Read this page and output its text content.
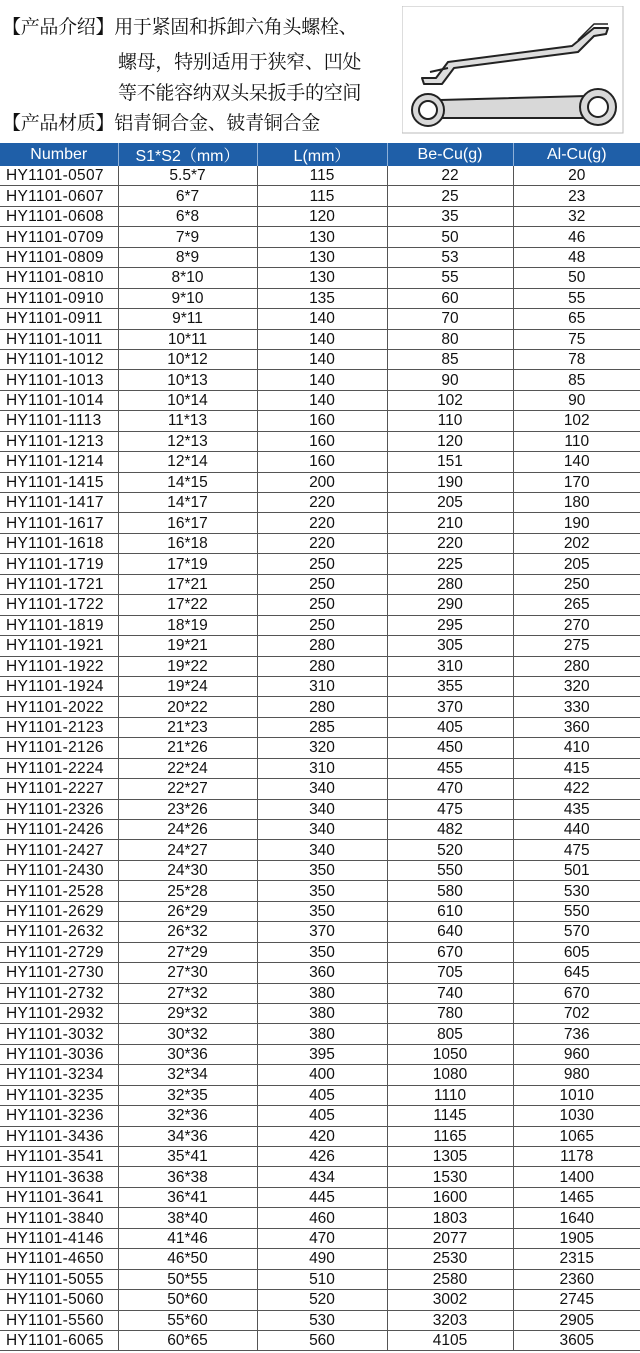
【产品介绍】用于紧固和拆卸六角头螺栓、
螺母，特别适用于狭窄、凹处
等不能容纳双头呆扳手的空间
【产品材质】铝青铜合金、铍青铜合金
Number	S1*S2（mm）	L(mm）	Be-Cu(g)	Al-Cu(g)
HY1101-0507	5.5*7	115	22	20
HY1101-0607	6*7	115	25	23
HY1101-0608	6*8	120	35	32
HY1101-0709	7*9	130	50	46
HY1101-0809	8*9	130	53	48
HY1101-0810	8*10	130	55	50
HY1101-0910	9*10	135	60	55
HY1101-0911	9*11	140	70	65
HY1101-1011	10*11	140	80	75
HY1101-1012	10*12	140	85	78
HY1101-1013	10*13	140	90	85
HY1101-1014	10*14	140	102	90
HY1101-1113	11*13	160	110	102
HY1101-1213	12*13	160	120	110
HY1101-1214	12*14	160	151	140
HY1101-1415	14*15	200	190	170
HY1101-1417	14*17	220	205	180
HY1101-1617	16*17	220	210	190
HY1101-1618	16*18	220	220	202
HY1101-1719	17*19	250	225	205
HY1101-1721	17*21	250	280	250
HY1101-1722	17*22	250	290	265
HY1101-1819	18*19	250	295	270
HY1101-1921	19*21	280	305	275
HY1101-1922	19*22	280	310	280
HY1101-1924	19*24	310	355	320
HY1101-2022	20*22	280	370	330
HY1101-2123	21*23	285	405	360
HY1101-2126	21*26	320	450	410
HY1101-2224	22*24	310	455	415
HY1101-2227	22*27	340	470	422
HY1101-2326	23*26	340	475	435
HY1101-2426	24*26	340	482	440
HY1101-2427	24*27	340	520	475
HY1101-2430	24*30	350	550	501
HY1101-2528	25*28	350	580	530
HY1101-2629	26*29	350	610	550
HY1101-2632	26*32	370	640	570
HY1101-2729	27*29	350	670	605
HY1101-2730	27*30	360	705	645
HY1101-2732	27*32	380	740	670
HY1101-2932	29*32	380	780	702
HY1101-3032	30*32	380	805	736
HY1101-3036	30*36	395	1050	960
HY1101-3234	32*34	400	1080	980
HY1101-3235	32*35	405	1110	1010
HY1101-3236	32*36	405	1145	1030
HY1101-3436	34*36	420	1165	1065
HY1101-3541	35*41	426	1305	1178
HY1101-3638	36*38	434	1530	1400
HY1101-3641	36*41	445	1600	1465
HY1101-3840	38*40	460	1803	1640
HY1101-4146	41*46	470	2077	1905
HY1101-4650	46*50	490	2530	2315
HY1101-5055	50*55	510	2580	2360
HY1101-5060	50*60	520	3002	2745
HY1101-5560	55*60	530	3203	2905
HY1101-6065	60*65	560	4105	3605
